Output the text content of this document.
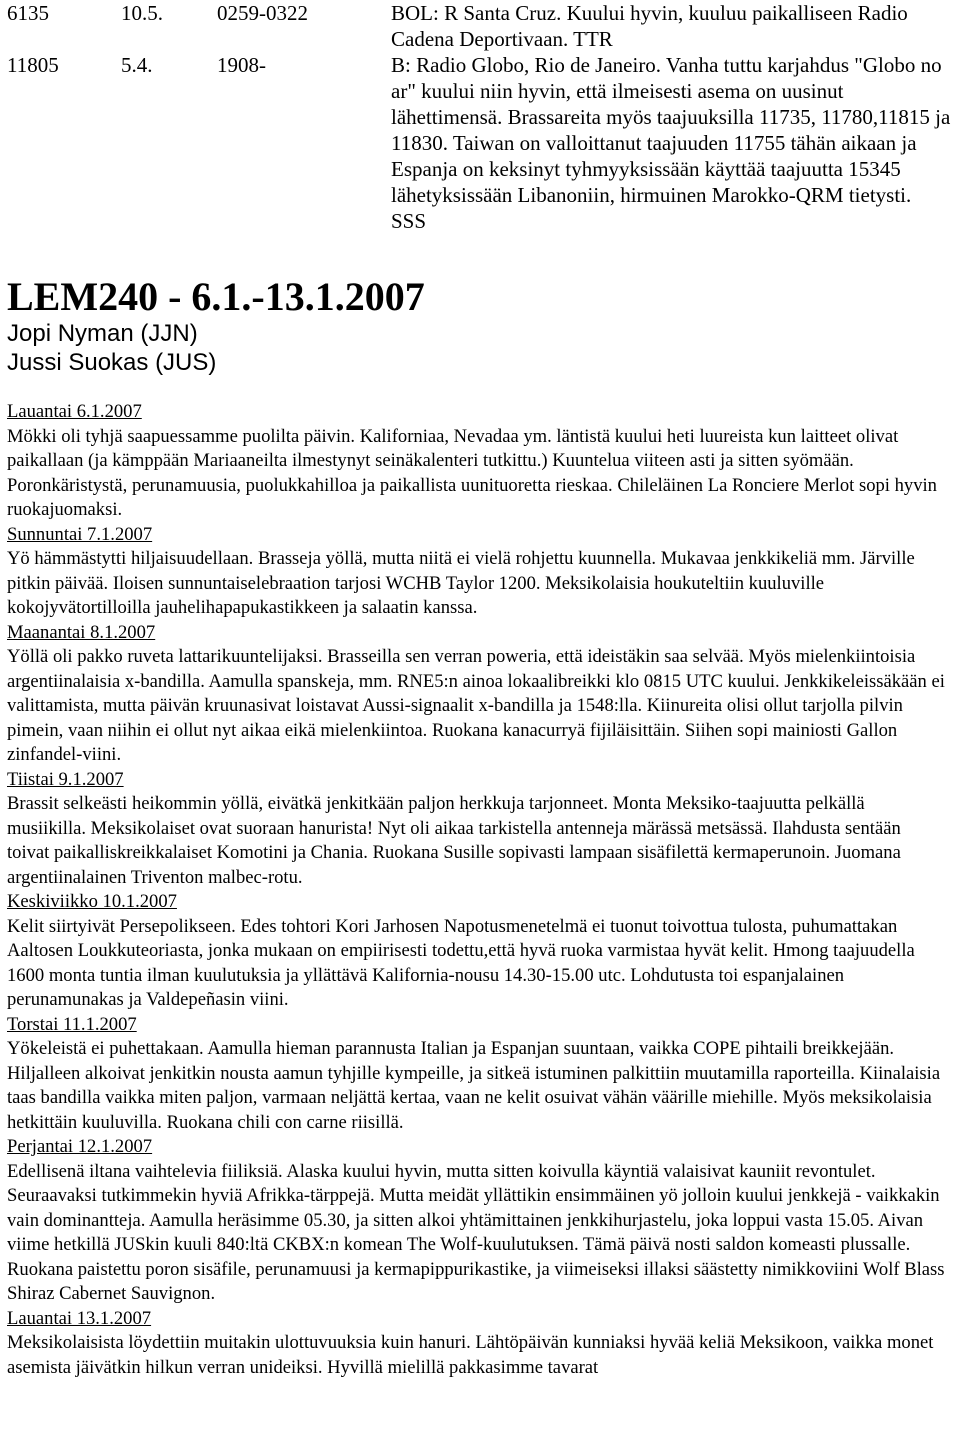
6135	10.5.	0259-0322	BOL: R Santa Cruz. Kuului hyvin, kuuluu paikalliseen Radio Cadena Deportivaan. TTR
11805	5.4.	1908-	B: Radio Globo, Rio de Janeiro. Vanha tuttu karjahdus "Globo no ar" kuului niin hyvin, että ilmeisesti asema on uusinut lähettimensä. Brassareita myös taajuuksilla 11735, 11780,11815 ja 11830. Taiwan on valloittanut taajuuden 11755 tähän aikaan ja Espanja on keksinyt tyhmyyksissään käyttää taajuutta 15345 lähetyksissään Libanoniin, hirmuinen Marokko-QRM tietysti. SSS
LEM240 - 6.1.-13.1.2007
Jopi Nyman (JJN)
Jussi Suokas (JUS)
Lauantai 6.1.2007
Mökki oli tyhjä saapuessamme puolilta päivin. Kaliforniaa, Nevadaa ym. läntistä kuului heti luureista kun laitteet olivat paikallaan (ja kämppään Mariaaneilta ilmestynyt seinäkalenteri tutkittu.) Kuuntelua viiteen asti ja sitten syömään. Poronkäristystä, perunamuusia, puolukkahilloa ja paikallista uunituoretta rieskaa. Chileläinen La Ronciere Merlot sopi hyvin ruokajuomaksi.
Sunnuntai 7.1.2007
Yö hämmästytti hiljaisuudellaan. Brasseja yöllä, mutta niitä ei vielä rohjettu kuunnella. Mukavaa jenkkikeliä mm. Järville pitkin päivää. Iloisen sunnuntaiselebraation tarjosi WCHB Taylor 1200. Meksikolaisia houkuteltiin kuuluville kokojyvätortilloilla jauhelihapapukastikkeen ja salaatin kanssa.
Maanantai 8.1.2007
Yöllä oli pakko ruveta lattarikuuntelijaksi. Brasseilla sen verran poweria, että ideistäkin saa selvää. Myös mielenkiintoisia argentiinalaisia x-bandilla. Aamulla spanskeja, mm. RNE5:n ainoa lokaalibreikki klo 0815 UTC kuului. Jenkkikeleissäkään ei valittamista, mutta päivän kruunasivat loistavat Aussi-signaalit x-bandilla ja 1548:lla. Kiinureita olisi ollut tarjolla pilvin pimein, vaan niihin ei ollut nyt aikaa eikä mielenkiintoa. Ruokana kanacurryä fijiläisittäin. Siihen sopi mainiosti Gallon zinfandel-viini.
Tiistai 9.1.2007
Brassit selkeästi heikommin yöllä, eivätkä jenkitkään paljon herkkuja tarjonneet. Monta Meksiko-taajuutta pelkällä musiikilla. Meksikolaiset ovat suoraan hanurista! Nyt oli aikaa tarkistella antenneja märässä metsässä. Ilahdusta sentään toivat paikalliskreikkalaiset Komotini ja Chania. Ruokana Susille sopivasti lampaan sisäfilettä kermaperunoin. Juomana argentiinalainen Triventon malbec-rotu.
Keskiviikko 10.1.2007
Kelit siirtyivät Persepolikseen. Edes tohtori Kori Jarhosen Napotusmenetelmä ei tuonut toivottua tulosta, puhumattakan Aaltosen Loukkuteoriasta, jonka mukaan on empiirisesti todettu,että hyvä ruoka varmistaa hyvät kelit. Hmong taajuudella 1600 monta tuntia ilman kuulutuksia ja yllättävä Kalifornia-nousu 14.30-15.00 utc. Lohdutusta toi espanjalainen perunamunakas ja Valdepeñasin viini.
Torstai 11.1.2007
Yökeleistä ei puhettakaan. Aamulla hieman parannusta Italian ja Espanjan suuntaan, vaikka COPE pihtaili breikkejään. Hiljalleen alkoivat jenkitkin nousta aamun tyhjille kympeille, ja sitkeä istuminen palkittiin muutamilla raporteilla. Kiinalaisia taas bandilla vaikka miten paljon, varmaan neljättä kertaa, vaan ne kelit osuivat vähän väärille miehille. Myös meksikolaisia hetkittäin kuuluvilla. Ruokana chili con carne riisillä.
Perjantai 12.1.2007
Edellisenä iltana vaihtelevia fiiliksiä. Alaska kuului hyvin, mutta sitten koivulla käyntiä valaisivat kauniit revontulet. Seuraavaksi tutkimmekin hyviä Afrikka-tärppejä. Mutta meidät yllättikin ensimmäinen yö jolloin kuului jenkkejä - vaikkakin vain dominantteja. Aamulla heräsimme 05.30, ja sitten alkoi yhtämittainen jenkkihurjastelu, joka loppui vasta 15.05. Aivan viime hetkillä JUSkin kuuli 840:ltä CKBX:n komean The Wolf-kuulutuksen. Tämä päivä nosti saldon komeasti plussalle. Ruokana paistettu poron sisäfile, perunamuusi ja kermapippurikastike, ja viimeiseksi illaksi säästetty nimikkoviini Wolf Blass Shiraz Cabernet Sauvignon.
Lauantai 13.1.2007
Meksikolaisista löydettiin muitakin ulottuvuuksia kuin hanuri. Lähtöpäivän kunniaksi hyvää keliä Meksikoon, vaikka monet asemista jäivätkin hilkun verran unideiksi. Hyvillä mielillä pakkasimme tavarat
